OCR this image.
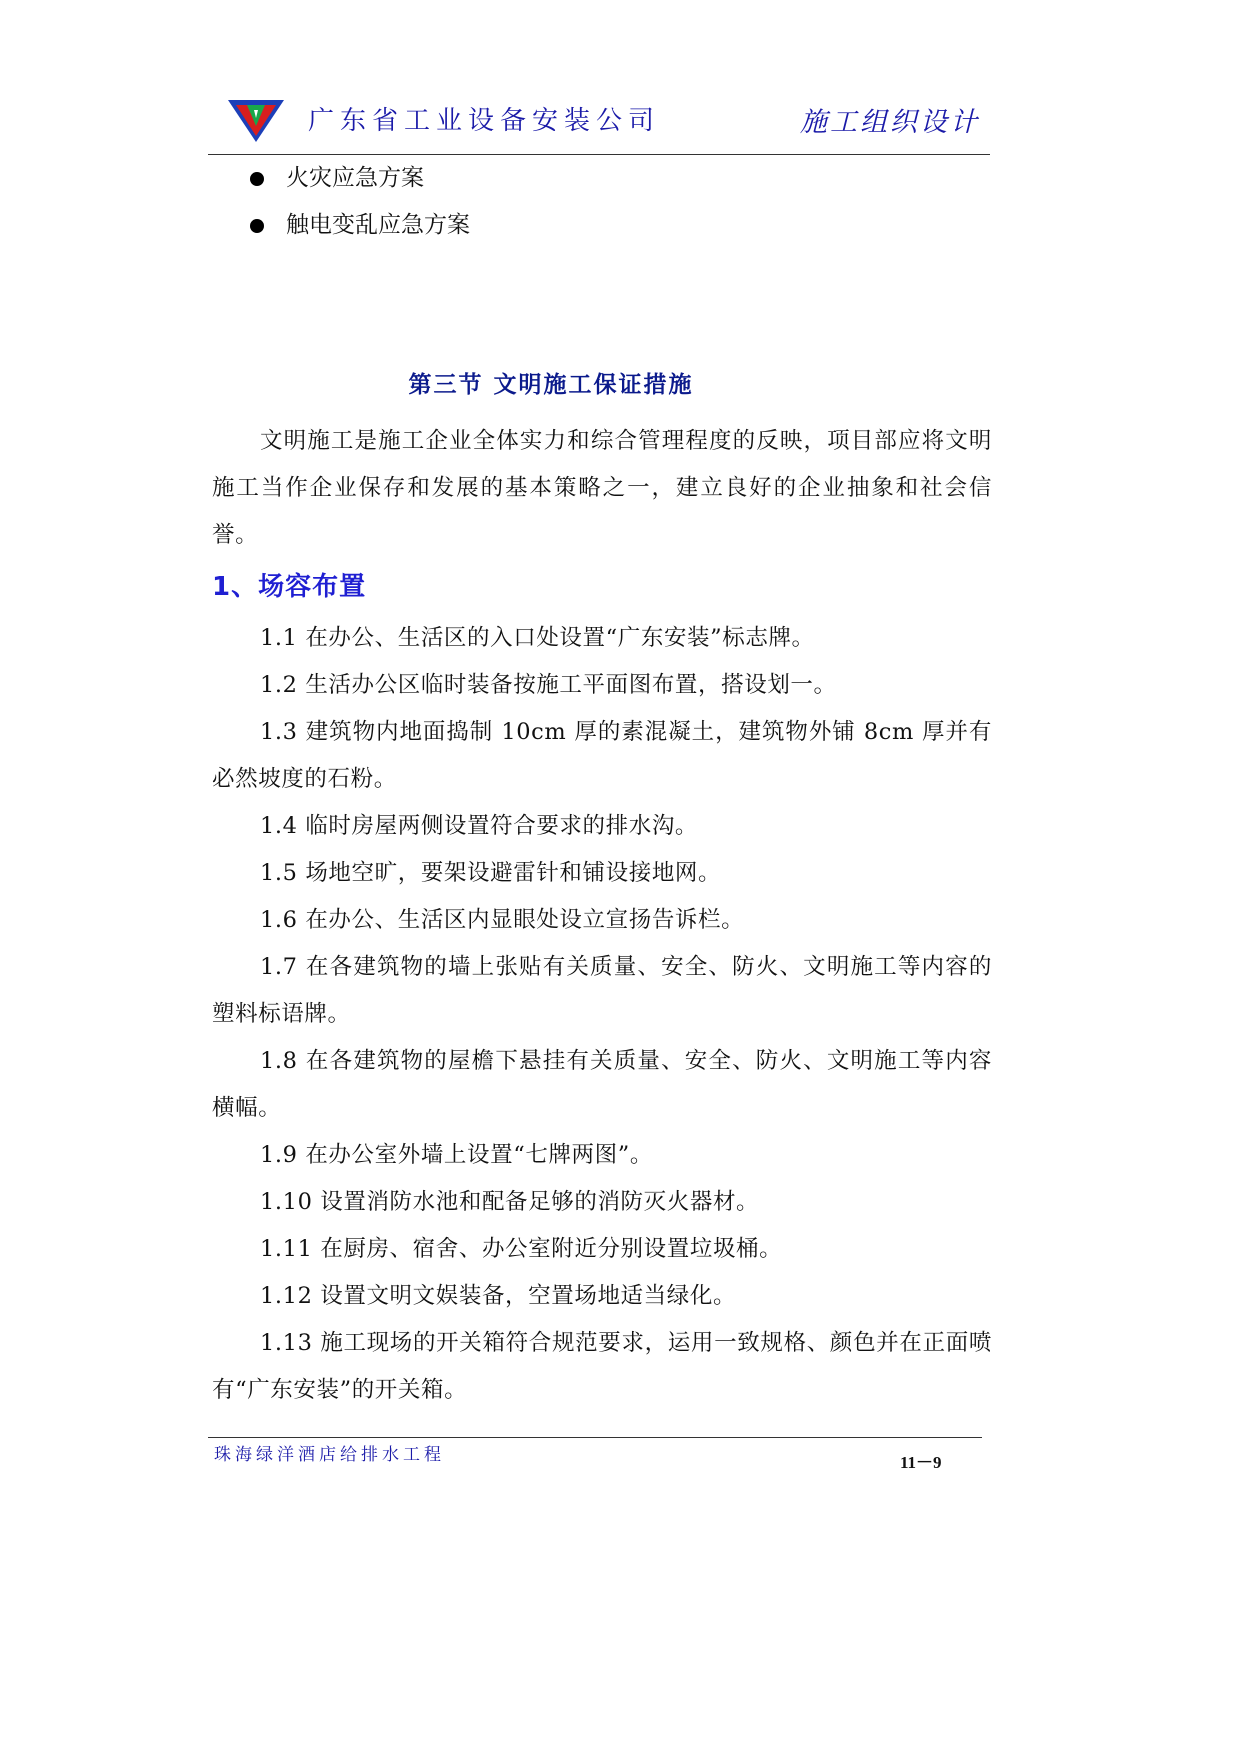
广东省工业设备安装公司	施工组织设计
火灾应急方案
触电变乱应急方案
第三节 文明施工保证措施

文明施工是施工企业全体实力和综合管理程度的反映，项目部应将文明施工当作企业保存和发展的基本策略之一，建立良好的企业抽象和社会信誉。

1、场容布置

1.1 在办公、生活区的入口处设置“广东安装”标志牌。

1.2 生活办公区临时装备按施工平面图布置，搭设划一。

1.3 建筑物内地面捣制 10cm 厚的素混凝土，建筑物外铺 8cm 厚并有必然坡度的石粉。

1.4 临时房屋两侧设置符合要求的排水沟。

1.5 场地空旷，要架设避雷针和铺设接地网。

1.6 在办公、生活区内显眼处设立宣扬告诉栏。

1.7 在各建筑物的墙上张贴有关质量、安全、防火、文明施工等内容的塑料标语牌。

1.8 在各建筑物的屋檐下悬挂有关质量、安全、防火、文明施工等内容横幅。

1.9 在办公室外墙上设置“七牌两图”。

1.10 设置消防水池和配备足够的消防灭火器材。

1.11 在厨房、宿舍、办公室附近分别设置垃圾桶。

1.12 设置文明文娱装备，空置场地适当绿化。

1.13 施工现场的开关箱符合规范要求，运用一致规格、颜色并在正面喷有“广东安装”的开关箱。

珠海绿洋酒店给排水工程	11－9
